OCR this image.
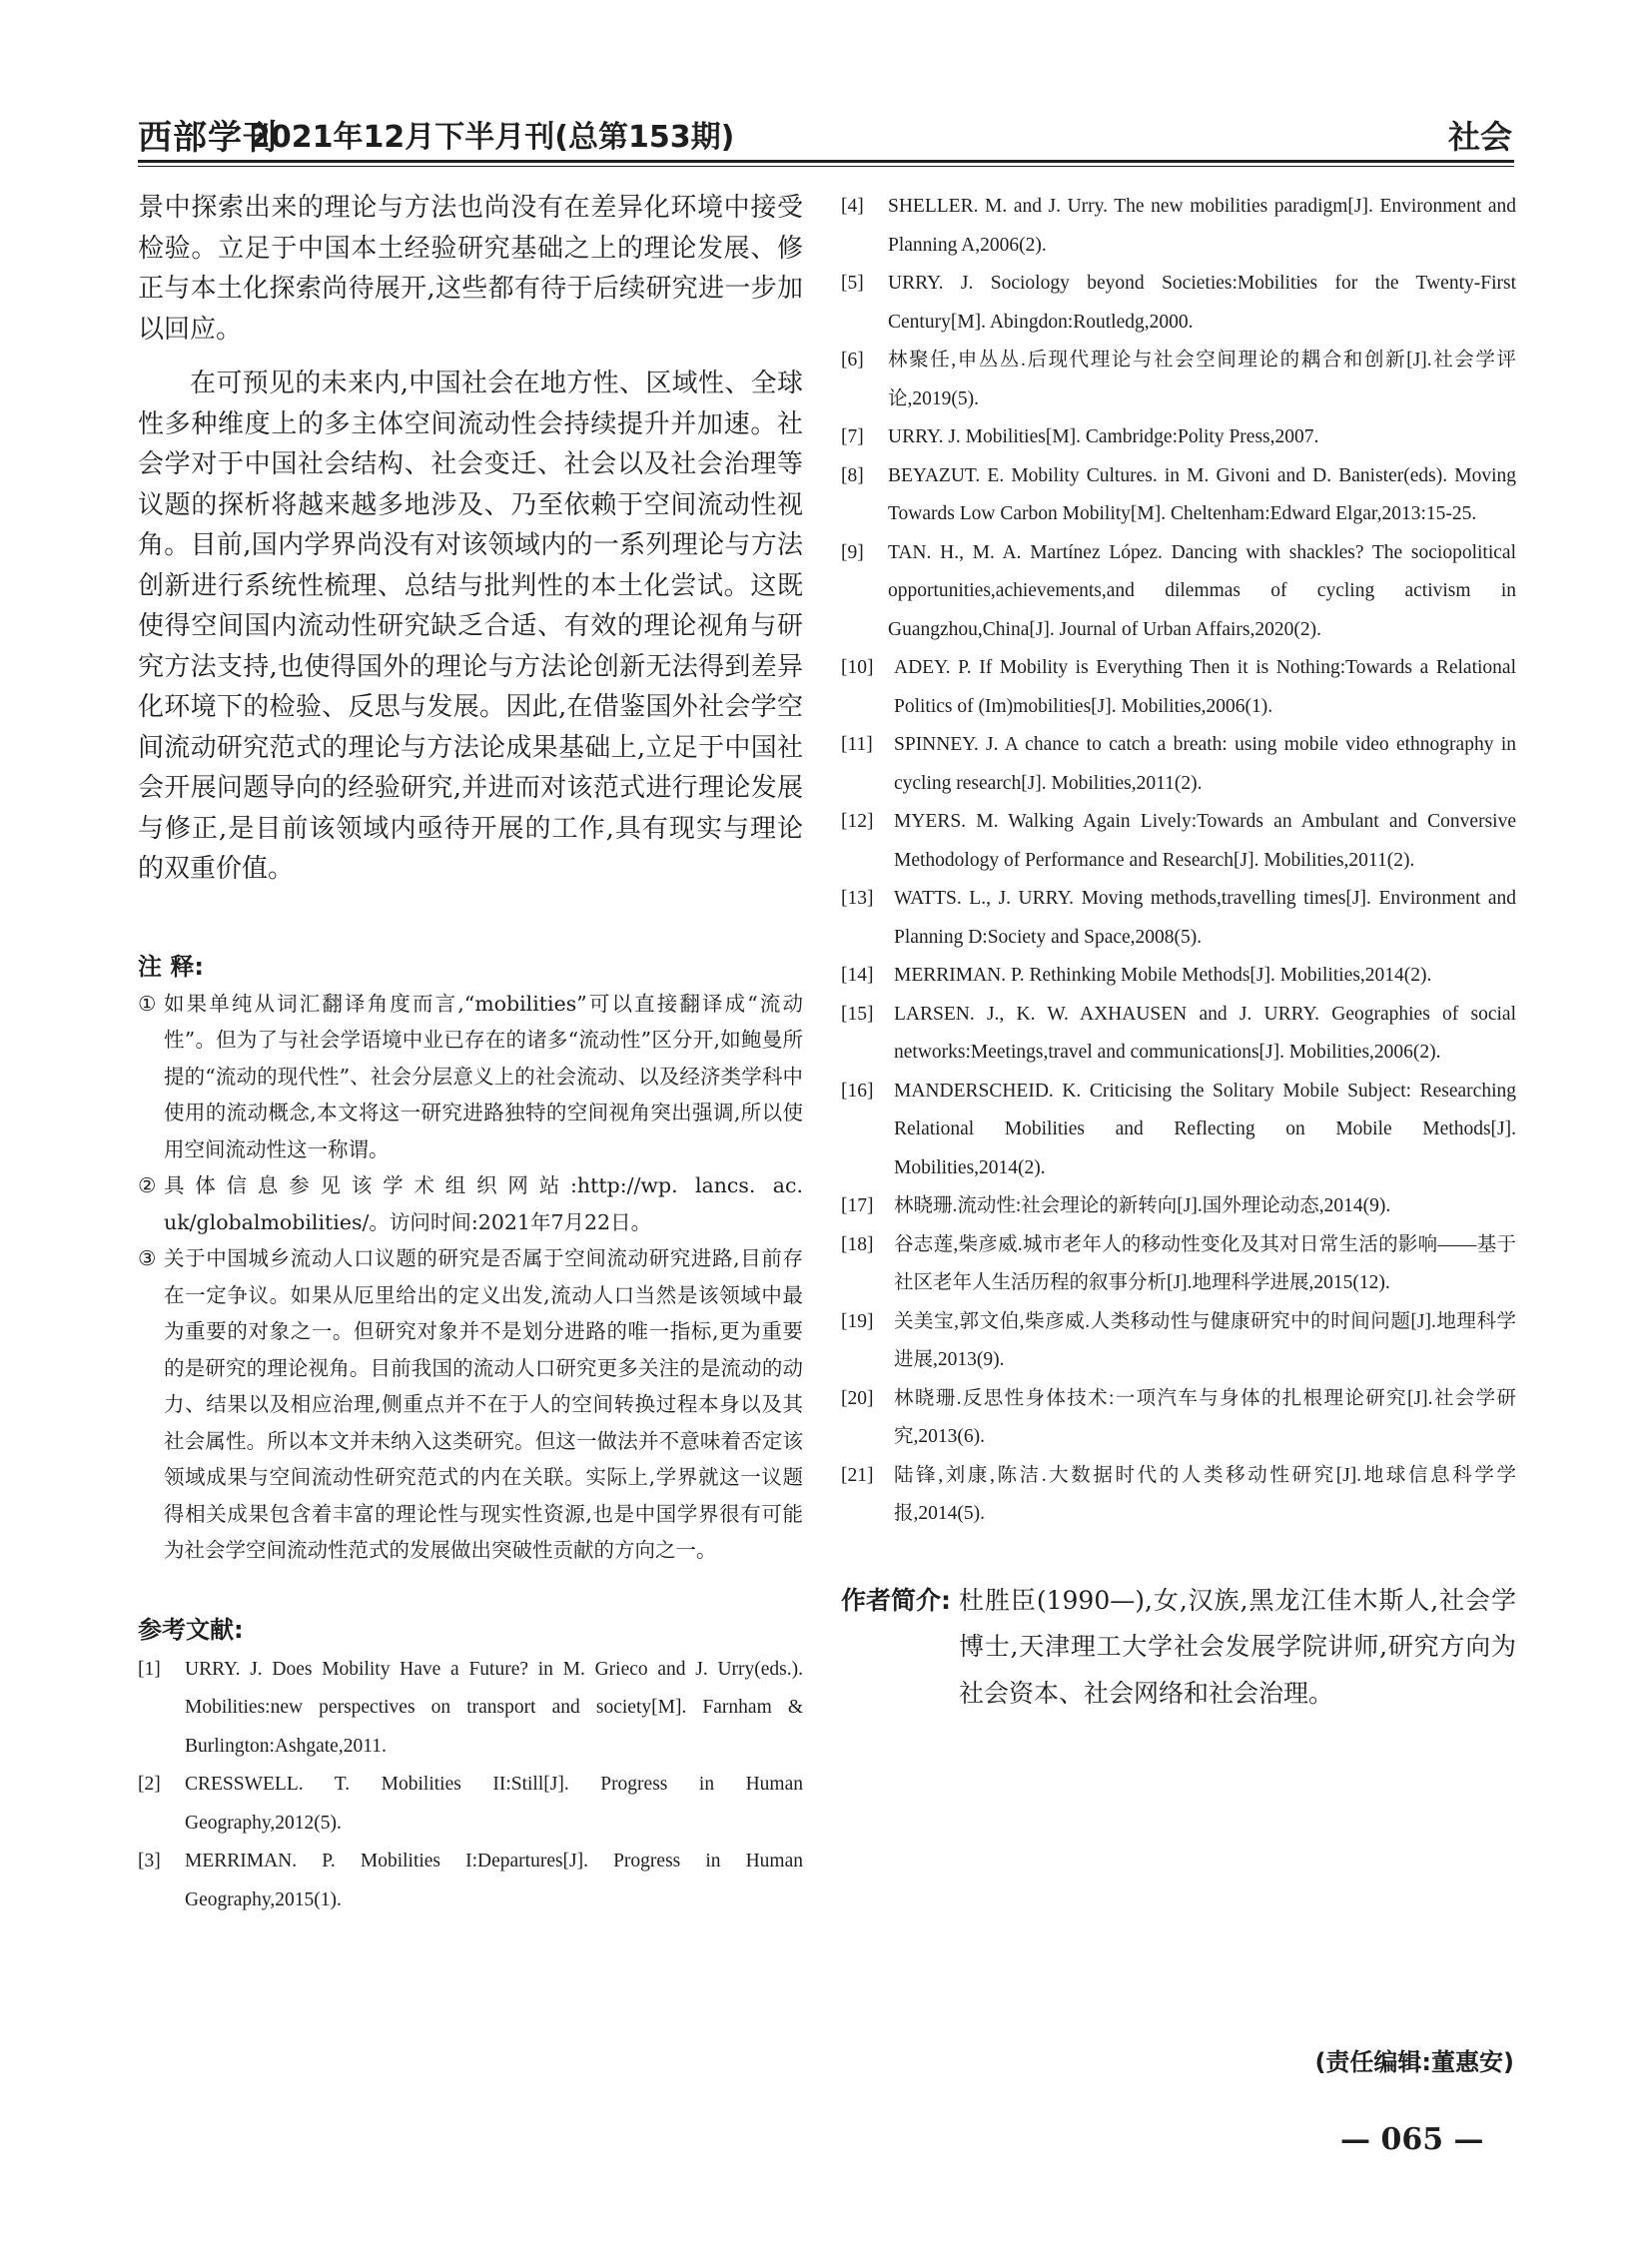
西部学刊
2021年12月下半月刊(总第153期)	社会

景中探索出来的理论与方法也尚没有在差异化环境中接受检验。立足于中国本土经验研究基础之上的理论发展、修正与本土化探索尚待展开,这些都有待于后续研究进一步加以回应。

在可预见的未来内,中国社会在地方性、区域性、全球性多种维度上的多主体空间流动性会持续提升并加速。社会学对于中国社会结构、社会变迁、社会以及社会治理等议题的探析将越来越多地涉及、乃至依赖于空间流动性视角。目前,国内学界尚没有对该领域内的一系列理论与方法创新进行系统性梳理、总结与批判性的本土化尝试。这既使得空间国内流动性研究缺乏合适、有效的理论视角与研究方法支持,也使得国外的理论与方法论创新无法得到差异化环境下的检验、反思与发展。因此,在借鉴国外社会学空间流动研究范式的理论与方法论成果基础上,立足于中国社会开展问题导向的经验研究,并进而对该范式进行理论发展与修正,是目前该领域内亟待开展的工作,具有现实与理论的双重价值。

注 释:

① 如果单纯从词汇翻译角度而言,“mobilities”可以直接翻译成“流动性”。但为了与社会学语境中业已存在的诸多“流动性”区分开,如鲍曼所提的“流动的现代性”、社会分层意义上的社会流动、以及经济类学科中使用的流动概念,本文将这一研究进路独特的空间视角突出强调,所以使用空间流动性这一称谓。

② 具体信息参见该学术组织网站:http://wp. lancs. ac. uk/globalmobilities/。访问时间:2021年7月22日。

③ 关于中国城乡流动人口议题的研究是否属于空间流动研究进路,目前存在一定争议。如果从厄里给出的定义出发,流动人口当然是该领域中最为重要的对象之一。但研究对象并不是划分进路的唯一指标,更为重要的是研究的理论视角。目前我国的流动人口研究更多关注的是流动的动力、结果以及相应治理,侧重点并不在于人的空间转换过程本身以及其社会属性。所以本文并未纳入这类研究。但这一做法并不意味着否定该领域成果与空间流动性研究范式的内在关联。实际上,学界就这一议题得相关成果包含着丰富的理论性与现实性资源,也是中国学界很有可能为社会学空间流动性范式的发展做出突破性贡献的方向之一。

参考文献:

[1] URRY. J. Does Mobility Have a Future? in M. Grieco and J. Urry(eds.). Mobilities:new perspectives on transport and society[M]. Farnham & Burlington:Ashgate,2011.

[2] CRESSWELL. T. Mobilities II:Still[J]. Progress in Human Geography,2012(5).

[3] MERRIMAN. P. Mobilities I:Departures[J]. Progress in Human Geography,2015(1).

[4] SHELLER. M. and J. Urry. The new mobilities paradigm[J]. Environment and Planning A,2006(2).

[5] URRY. J. Sociology beyond Societies:Mobilities for the Twenty-First Century[M]. Abingdon:Routledg,2000.

[6] 林聚任,申丛丛.后现代理论与社会空间理论的耦合和创新[J].社会学评论,2019(5).

[7] URRY. J. Mobilities[M]. Cambridge:Polity Press,2007.

[8] BEYAZUT. E. Mobility Cultures. in M. Givoni and D. Banister(eds). Moving Towards Low Carbon Mobility[M]. Cheltenham:Edward Elgar,2013:15-25.

[9] TAN. H., M. A. Martínez López. Dancing with shackles? The sociopolitical opportunities,achievements,and dilemmas of cycling activism in Guangzhou,China[J]. Journal of Urban Affairs,2020(2).

[10] ADEY. P. If Mobility is Everything Then it is Nothing:Towards a Relational Politics of (Im)mobilities[J]. Mobilities,2006(1).

[11] SPINNEY. J. A chance to catch a breath: using mobile video ethnography in cycling research[J]. Mobilities,2011(2).

[12] MYERS. M. Walking Again Lively:Towards an Ambulant and Conversive Methodology of Performance and Research[J]. Mobilities,2011(2).

[13] WATTS. L., J. URRY. Moving methods,travelling times[J]. Environment and Planning D:Society and Space,2008(5).

[14] MERRIMAN. P. Rethinking Mobile Methods[J]. Mobilities,2014(2).

[15] LARSEN. J., K. W. AXHAUSEN and J. URRY. Geographies of social networks:Meetings,travel and communications[J]. Mobilities,2006(2).

[16] MANDERSCHEID. K. Criticising the Solitary Mobile Subject: Researching Relational Mobilities and Reflecting on Mobile Methods[J]. Mobilities,2014(2).

[17] 林晓珊.流动性:社会理论的新转向[J].国外理论动态,2014(9).

[18] 谷志莲,柴彦威.城市老年人的移动性变化及其对日常生活的影响——基于社区老年人生活历程的叙事分析[J].地理科学进展,2015(12).

[19] 关美宝,郭文伯,柴彦威.人类移动性与健康研究中的时间问题[J].地理科学进展,2013(9).

[20] 林晓珊.反思性身体技术:一项汽车与身体的扎根理论研究[J].社会学研究,2013(6).

[21] 陆锋,刘康,陈洁.大数据时代的人类移动性研究[J].地球信息科学学报,2014(5).

作者简介: 杜胜臣(1990—),女,汉族,黑龙江佳木斯人,社会学博士,天津理工大学社会发展学院讲师,研究方向为社会资本、社会网络和社会治理。

(责任编辑:董惠安)
— 065 —
